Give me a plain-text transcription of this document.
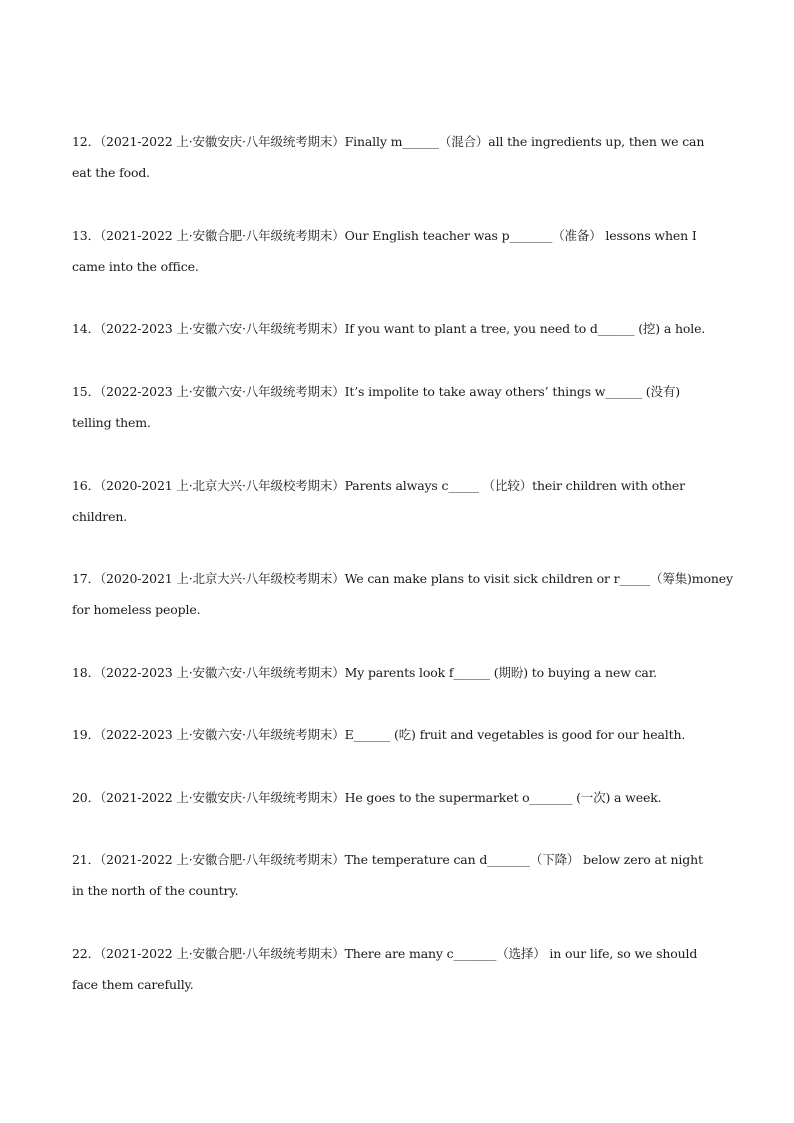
12．（2021-2022 上·安徽安庆·八年级统考期末）Finally m______（混合）all the ingredients up, then we can
eat the food.
13．（2021-2022 上·安徽合肥·八年级统考期末）Our English teacher was p_______（准备） lessons when I
came into the office.
14．（2022-2023 上·安徽六安·八年级统考期末）If you want to plant a tree, you need to d______ (挖) a hole.
15．（2022-2023 上·安徽六安·八年级统考期末）It’s impolite to take away others’ things w______ (没有)
telling them.
16．（2020-2021 上·北京大兴·八年级校考期末）Parents always c_____ （比较）their children with other
children.
17．（2020-2021 上·北京大兴·八年级校考期末）We can make plans to visit sick children or r_____（筹集)money
for homeless people.
18．（2022-2023 上·安徽六安·八年级统考期末）My parents look f______ (期盼) to buying a new car.
19．（2022-2023 上·安徽六安·八年级统考期末）E______ (吃) fruit and vegetables is good for our health.
20．（2021-2022 上·安徽安庆·八年级统考期末）He goes to the supermarket o_______ (一次) a week.
21．（2021-2022 上·安徽合肥·八年级统考期末）The temperature can d_______（下降） below zero at night
in the north of the country.
22．（2021-2022 上·安徽合肥·八年级统考期末）There are many c_______（选择） in our life, so we should
face them carefully.
